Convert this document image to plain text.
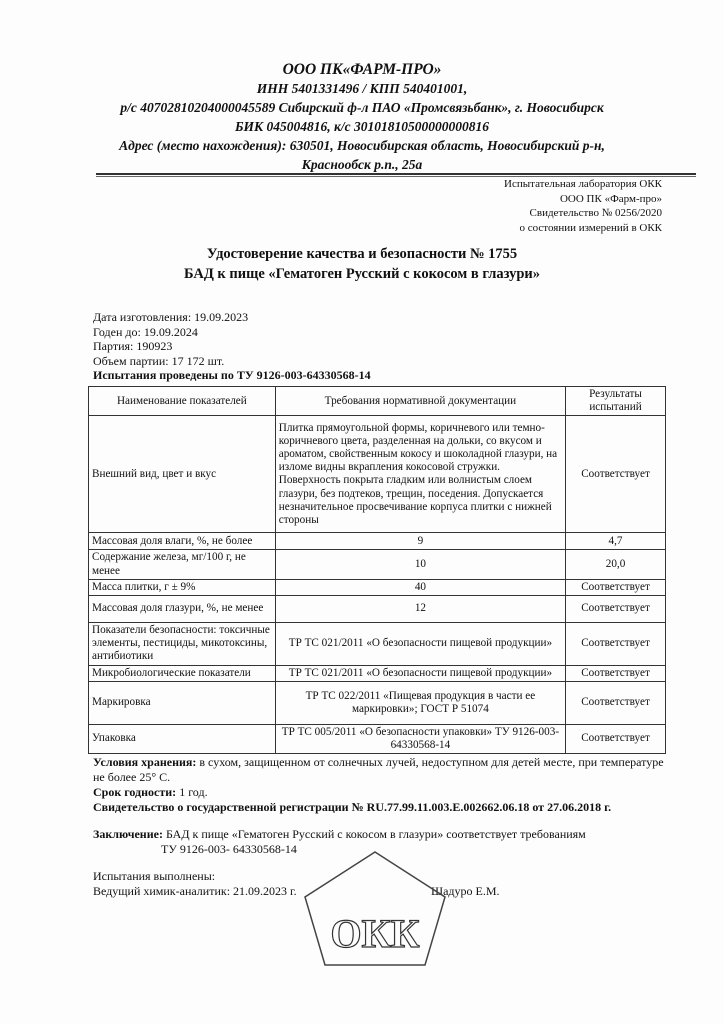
ООО ПК«ФАРМ-ПРО»
ИНН 5401331496 / КПП 540401001,
р/с 40702810204000045589 Сибирский ф-л ПАО «Промсвязьбанк», г. Новосибирск
БИК 045004816, к/с 30101810500000000816
Адрес (место нахождения): 630501, Новосибирская область, Новосибирский р-н,
Краснообск р.п., 25а
Испытательная лаборатория ОКК
ООО ПК «Фарм-про»
Свидетельство № 0256/2020
о состоянии измерений в ОКК
Удостоверение качества и безопасности № 1755
БАД к пище «Гематоген Русский с кокосом в глазури»
Дата изготовления: 19.09.2023
Годен до: 19.09.2024
Партия: 190923
Объем партии: 17 172 шт.
Испытания проведены по ТУ 9126-003-64330568-14
Наименование показателей	Требования нормативной документации	Результаты испытаний
Внешний вид, цвет и вкус	Плитка прямоугольной формы, коричневого или темно-коричневого цвета, разделенная на дольки, со вкусом и ароматом, свойственным кокосу и шоколадной глазури, на изломе видны вкрапления кокосовой стружки. Поверхность покрыта гладким или волнистым слоем глазури, без подтеков, трещин, поседения. Допускается незначительное просвечивание корпуса плитки с нижней стороны	Соответствует
Массовая доля влаги, %, не более	9	4,7
Содержание железа, мг/100 г, не менее	10	20,0
Масса плитки, г ± 9%	40	Соответствует
Массовая доля глазури, %, не менее	12	Соответствует
Показатели безопасности: токсичные элементы, пестициды, микотоксины, антибиотики	ТР ТС 021/2011 «О безопасности пищевой продукции»	Соответствует
Микробиологические показатели	ТР ТС 021/2011 «О безопасности пищевой продукции»	Соответствует
Маркировка	ТР ТС 022/2011 «Пищевая продукция в части ее маркировки»; ГОСТ Р 51074	Соответствует
Упаковка	ТР ТС 005/2011 «О безопасности упаковки» ТУ 9126-003-64330568-14	Соответствует
Условия хранения: в сухом, защищенном от солнечных лучей, недоступном для детей месте, при температуре не более 25° С.
Срок годности: 1 год.
Свидетельство о государственной регистрации № RU.77.99.11.003.Е.002662.06.18 от 27.06.2018 г.
Заключение: БАД к пище «Гематоген Русский с кокосом в глазури» соответствует требованиям
ТУ 9126-003- 64330568-14
Испытания выполнены:
Ведущий химик-аналитик: 21.09.2023 г.	Шадуро Е.М.
ОКК
